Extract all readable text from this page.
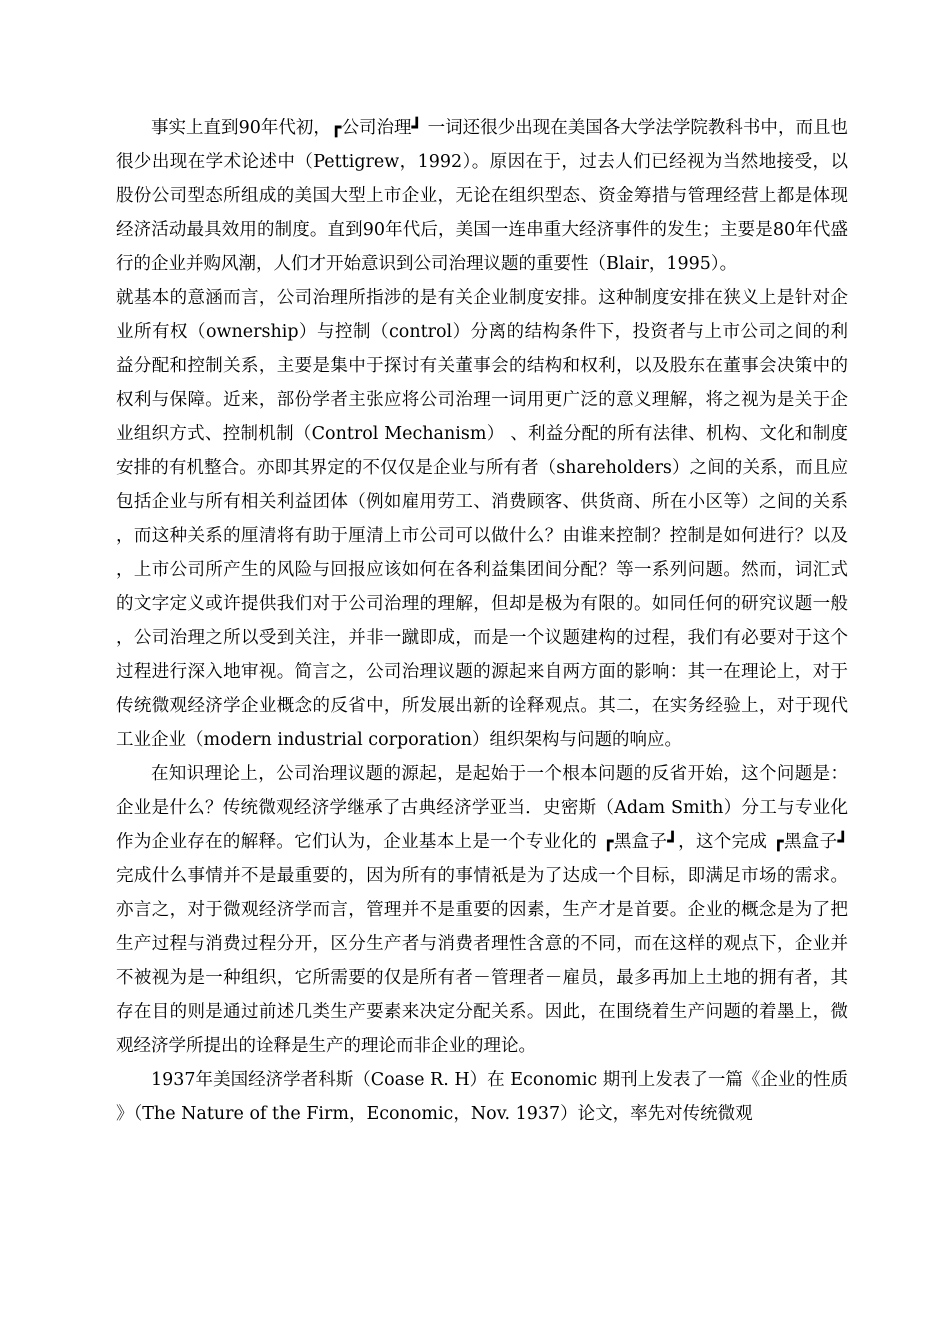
事实上直到90年代初，┏公司治理┛ 一词还很少出现在美国各大学法学院教科书中，而且也很少出现在学术论述中（Pettigrew，1992）。原因在于，过去人们已经视为当然地接受，以股份公司型态所组成的美国大型上市企业，无论在组织型态、资金筹措与管理经营上都是体现经济活动最具效用的制度。直到90年代后，美国一连串重大经济事件的发生；主要是80年代盛行的企业并购风潮，人们才开始意识到公司治理议题的重要性（Blair，1995）。

就基本的意涵而言，公司治理所指涉的是有关企业制度安排。这种制度安排在狭义上是针对企业所有权（ownership）与控制（control）分离的结构条件下，投资者与上市公司之间的利益分配和控制关系，主要是集中于探讨有关董事会的结构和权利，以及股东在董事会决策中的权利与保障。近来，部份学者主张应将公司治理一词用更广泛的意义理解，将之视为是关于企业组织方式、控制机制（Control Mechanism） 、利益分配的所有法律、机构、文化和制度安排的有机整合。亦即其界定的不仅仅是企业与所有者（shareholders）之间的关系，而且应包括企业与所有相关利益团体（例如雇用劳工、消费顾客、供货商、所在小区等）之间的关系，而这种关系的厘清将有助于厘清上市公司可以做什么？由谁来控制？控制是如何进行？以及，上市公司所产生的风险与回报应该如何在各利益集团间分配？等一系列问题。然而，词汇式的文字定义或许提供我们对于公司治理的理解，但却是极为有限的。如同任何的研究议题一般，公司治理之所以受到关注，并非一蹴即成，而是一个议题建构的过程，我们有必要对于这个过程进行深入地审视。简言之，公司治理议题的源起来自两方面的影响：其一在理论上，对于传统微观经济学企业概念的反省中，所发展出新的诠释观点。其二，在实务经验上，对于现代工业企业（modern industrial corporation）组织架构与问题的响应。

在知识理论上，公司治理议题的源起，是起始于一个根本问题的反省开始，这个问题是：企业是什么？传统微观经济学继承了古典经济学亚当．史密斯（Adam Smith）分工与专业化作为企业存在的解释。它们认为，企业基本上是一个专业化的 ┏黑盒子┛，这个完成 ┏黑盒子┛ 完成什么事情并不是最重要的，因为所有的事情祇是为了达成一个目标，即满足市场的需求。亦言之，对于微观经济学而言，管理并不是重要的因素，生产才是首要。企业的概念是为了把生产过程与消费过程分开，区分生产者与消费者理性含意的不同，而在这样的观点下，企业并不被视为是一种组织，它所需要的仅是所有者－管理者－雇员，最多再加上土地的拥有者，其存在目的则是通过前述几类生产要素来决定分配关系。因此，在围绕着生产问题的着墨上，微观经济学所提出的诠释是生产的理论而非企业的理论。

1937年美国经济学者科斯（Coase R. H）在 Economic 期刊上发表了一篇《企业的性质》（The Nature of the Firm，Economic，Nov. 1937）论文，率先对传统微观
